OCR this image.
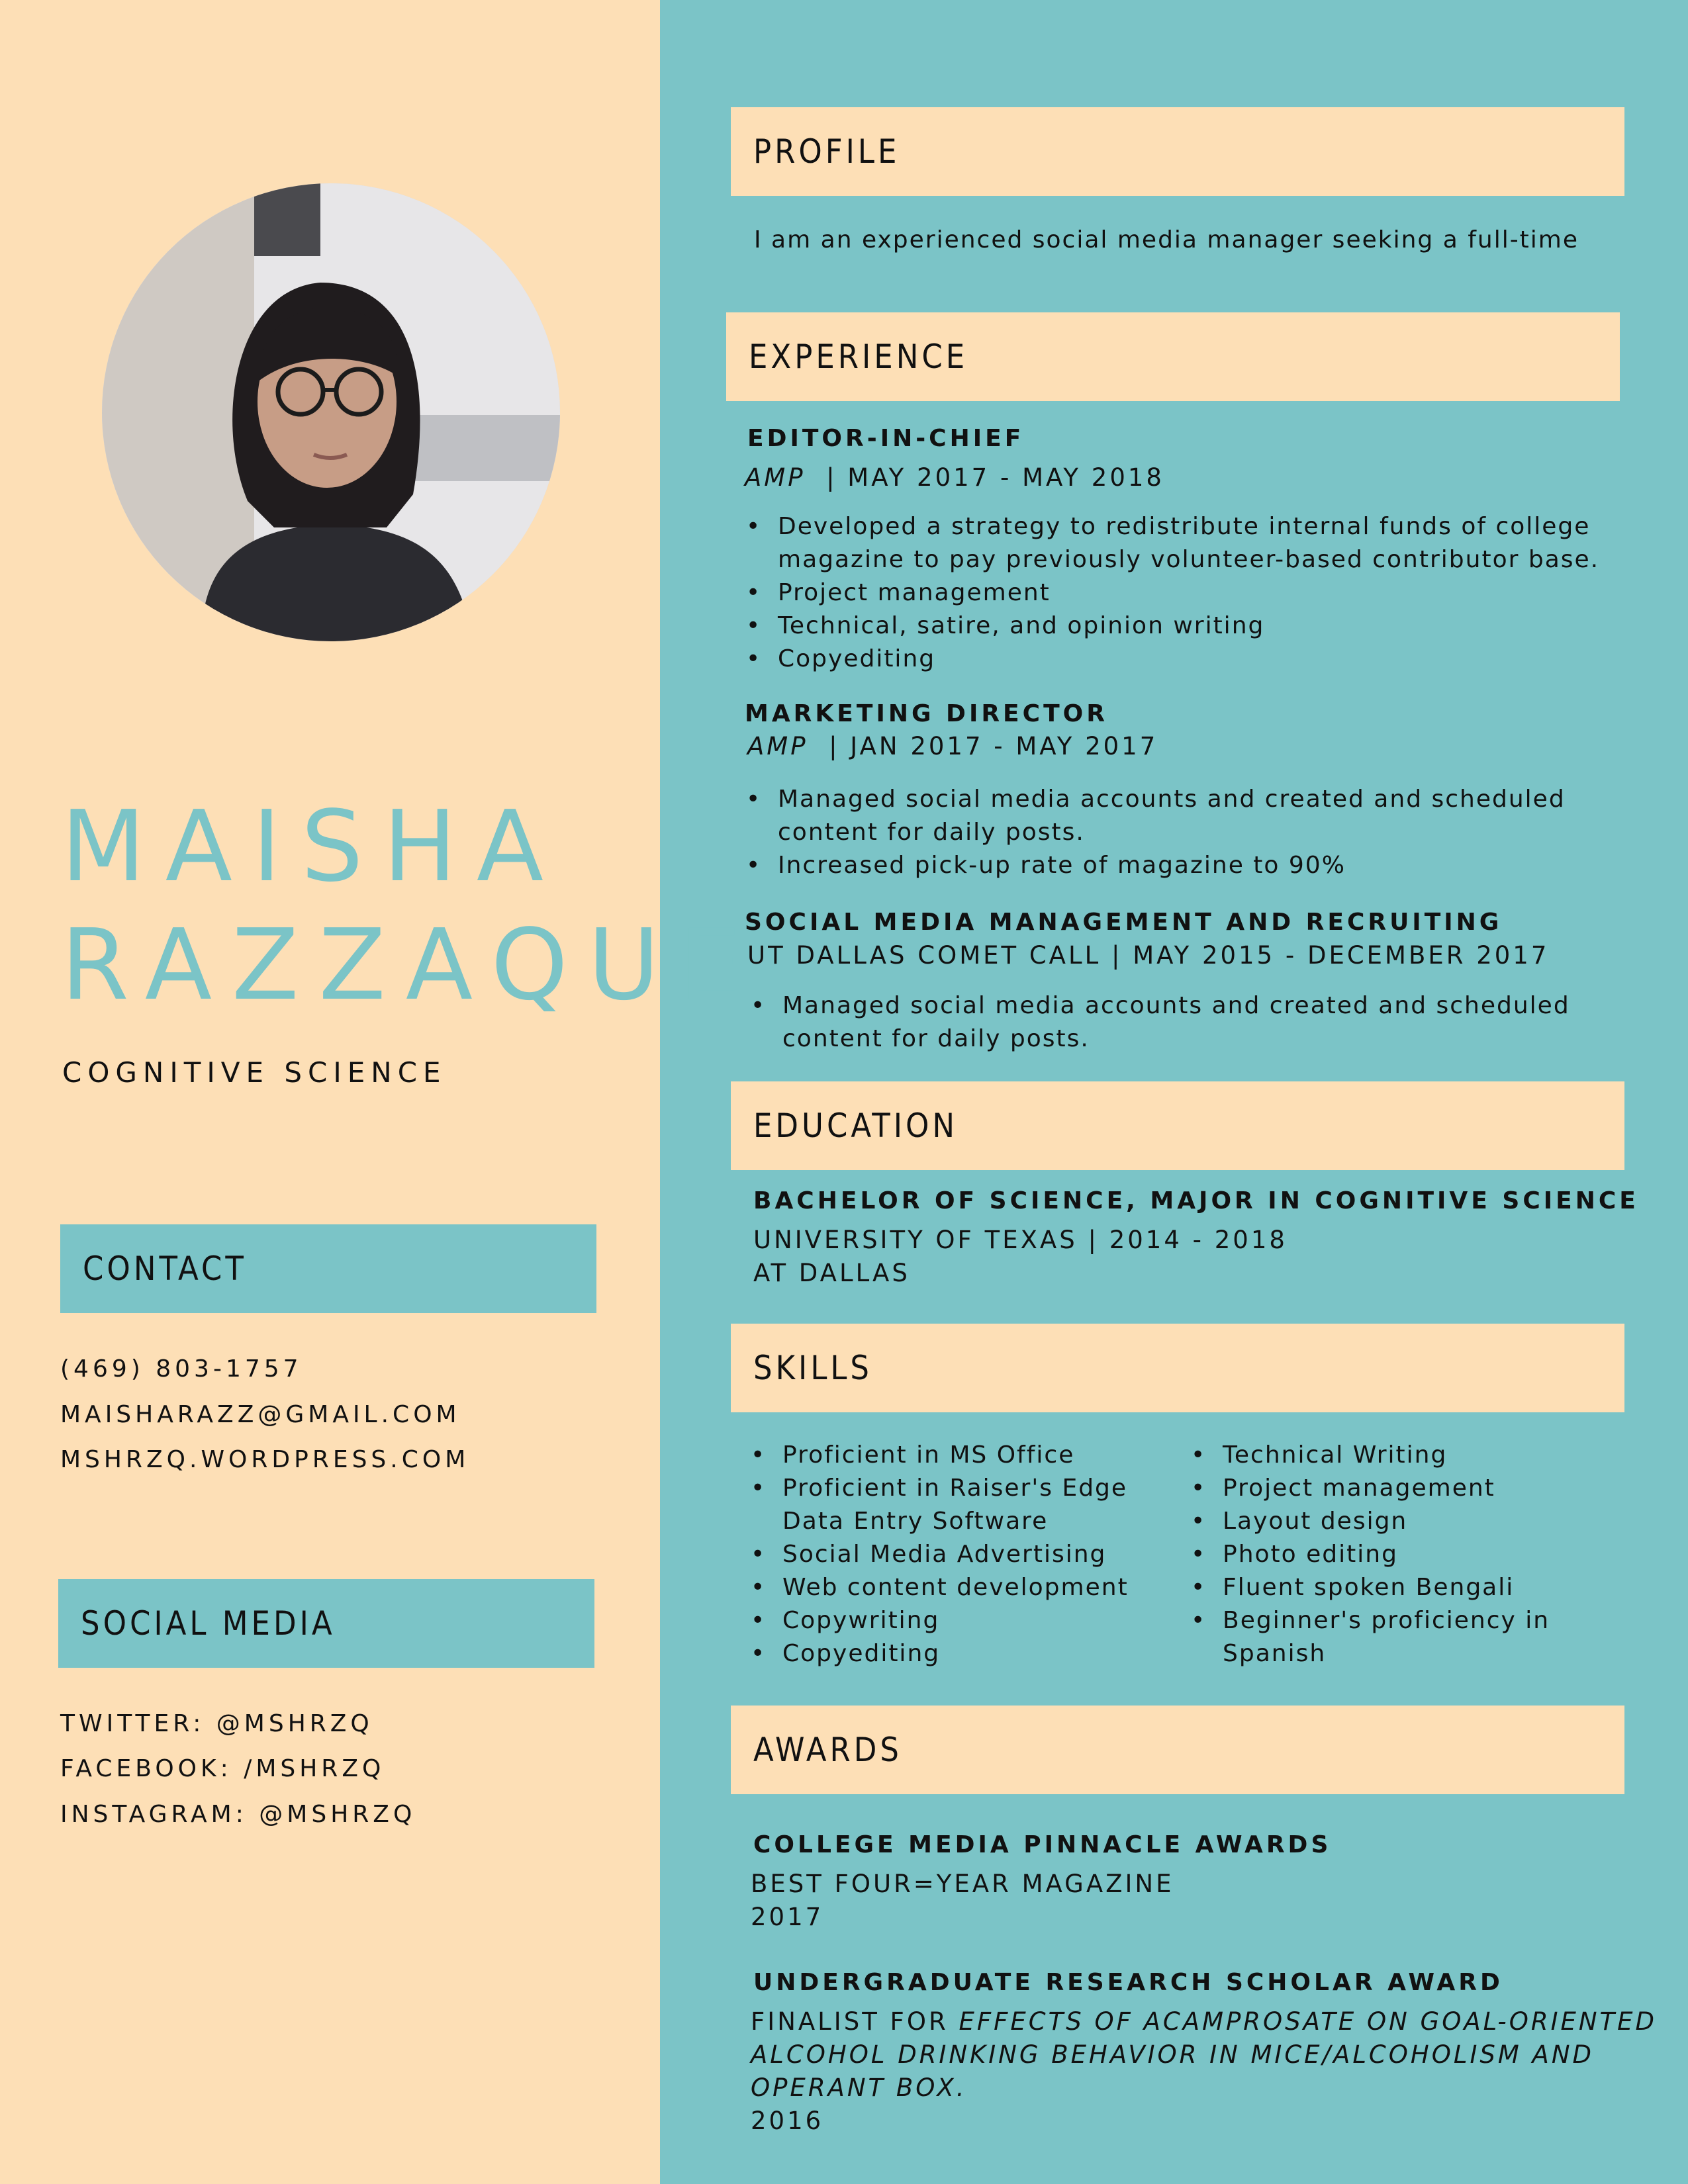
MAISHA
RAZZAQUE
COGNITIVE SCIENCE
CONTACT
(469) 803-1757
MAISHARAZZ@GMAIL.COM
MSHRZQ.WORDPRESS.COM
SOCIAL MEDIA
TWITTER: @MSHRZQ
FACEBOOK: /MSHRZQ
INSTAGRAM: @MSHRZQ
PROFILE
I am an experienced social media manager seeking a full-time
EXPERIENCE
EDITOR-IN-CHIEF
AMP | MAY 2017 - MAY 2018
• Developed a strategy to redistribute internal funds of college
magazine to pay previously volunteer-based contributor base.
• Project management
• Technical, satire, and opinion writing
• Copyediting
MARKETING DIRECTOR
AMP | JAN 2017 - MAY 2017
• Managed social media accounts and created and scheduled
content for daily posts.
• Increased pick-up rate of magazine to 90%
SOCIAL MEDIA MANAGEMENT AND RECRUITING
UT DALLAS COMET CALL | MAY 2015 - DECEMBER 2017
• Managed social media accounts and created and scheduled
content for daily posts.
EDUCATION
BACHELOR OF SCIENCE, MAJOR IN COGNITIVE SCIENCE
UNIVERSITY OF TEXAS | 2014 - 2018
AT DALLAS
SKILLS
• Proficient in MS Office
• Proficient in Raiser's Edge
Data Entry Software
• Social Media Advertising
• Web content development
• Copywriting
• Copyediting
• Technical Writing
• Project management
• Layout design
• Photo editing
• Fluent spoken Bengali
• Beginner's proficiency in
Spanish
AWARDS
COLLEGE MEDIA PINNACLE AWARDS
BEST FOUR=YEAR MAGAZINE
2017
UNDERGRADUATE RESEARCH SCHOLAR AWARD
FINALIST FOR EFFECTS OF ACAMPROSATE ON GOAL-ORIENTED
ALCOHOL DRINKING BEHAVIOR IN MICE/ALCOHOLISM AND
OPERANT BOX.
2016
